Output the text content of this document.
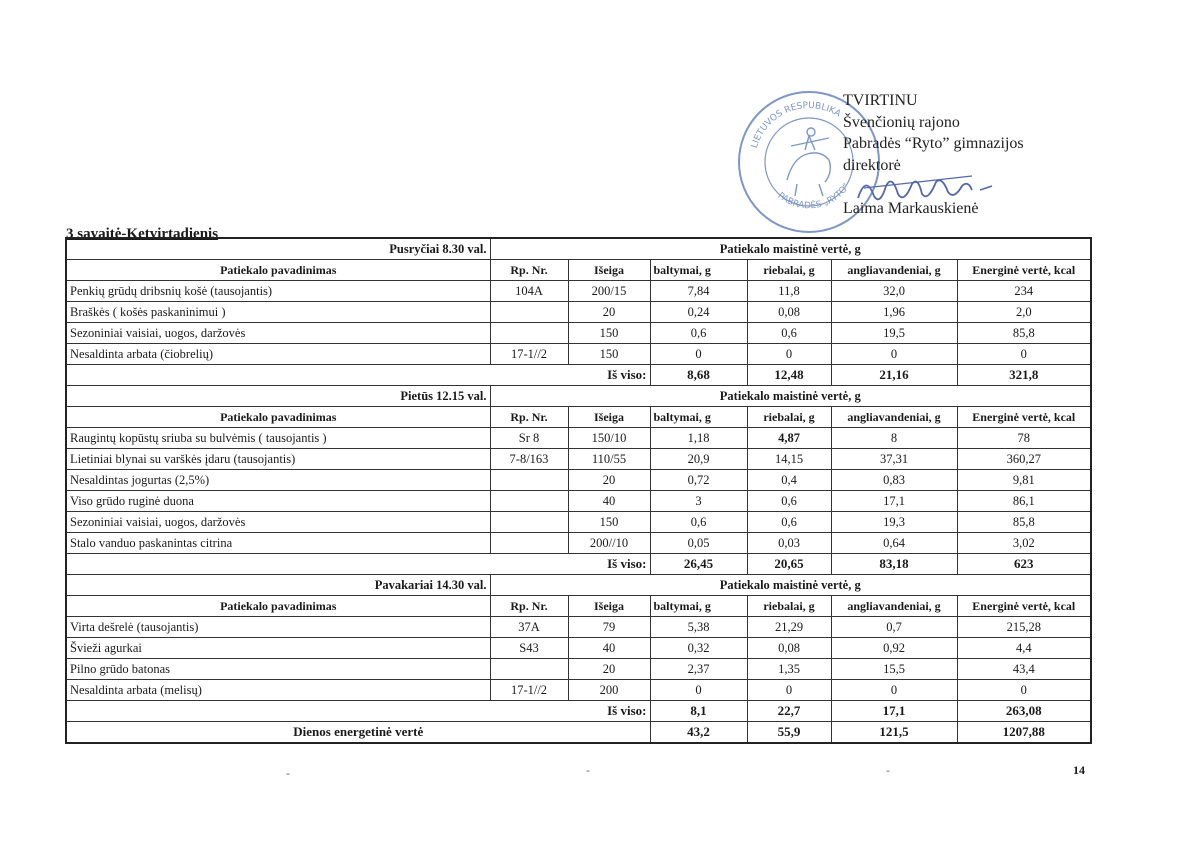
LIETUVOS RESPUBLIKA
PABRADĖS „RYTO“
TVIRTINU
Švenčionių rajono
Pabradės “Ryto” gimnazijos
direktorė
Laima Markauskienė
3 savaitė-Ketvirtadienis
Pusryčiai 8.30 val.	Patiekalo maistinė vertė, g					
Patiekalo pavadinimas	Rp. Nr.	Išeiga	baltymai, g	riebalai, g	angliavandeniai, g	Energinė vertė, kcal
Penkių grūdų dribsnių košė (tausojantis)	104A	200/15	7,84	11,8	32,0	234
Braškės ( košės paskaninimui )		20	0,24	0,08	1,96	2,0
Sezoniniai vaisiai, uogos, daržovės		150	0,6	0,6	19,5	85,8
Nesaldinta arbata (čiobrelių)	17-1//2	150	0	0	0	0
Iš viso:			8,68	12,48	21,16	321,8
Pietūs 12.15 val.	Patiekalo maistinė vertė, g					
Patiekalo pavadinimas	Rp. Nr.	Išeiga	baltymai, g	riebalai, g	angliavandeniai, g	Energinė vertė, kcal
Raugintų kopūstų sriuba su bulvėmis ( tausojantis )	Sr 8	150/10	1,18	4,87	8	78
Lietiniai blynai su varškės įdaru (tausojantis)	7-8/163	110/55	20,9	14,15	37,31	360,27
Nesaldintas jogurtas (2,5%)		20	0,72	0,4	0,83	9,81
Viso grūdo ruginė duona		40	3	0,6	17,1	86,1
Sezoniniai vaisiai, uogos, daržovės		150	0,6	0,6	19,3	85,8
Stalo vanduo paskanintas citrina		200//10	0,05	0,03	0,64	3,02
Iš viso:			26,45	20,65	83,18	623
Pavakariai 14.30 val.	Patiekalo maistinė vertė, g					
Patiekalo pavadinimas	Rp. Nr.	Išeiga	baltymai, g	riebalai, g	angliavandeniai, g	Energinė vertė, kcal
Virta dešrelė (tausojantis)	37A	79	5,38	21,29	0,7	215,28
Švieži agurkai	S43	40	0,32	0,08	0,92	4,4
Pilno grūdo batonas		20	2,37	1,35	15,5	43,4
Nesaldinta arbata (melisų)	17-1//2	200	0	0	0	0
Iš viso:			8,1	22,7	17,1	263,08
Dienos energetinė vertė			43,2	55,9	121,5	1207,88
-	-	-	14
